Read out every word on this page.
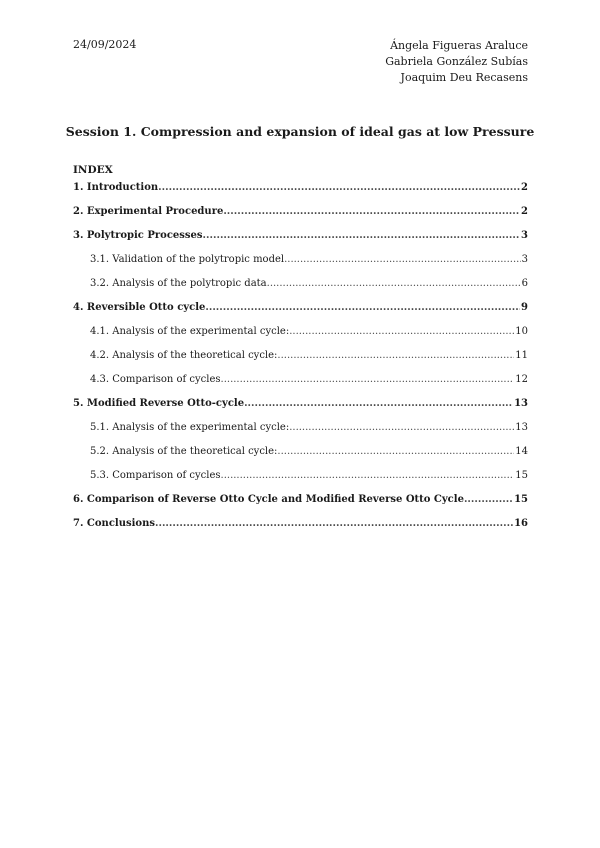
24/09/2024	Ángela Figueras Araluce
Gabriela González Subías
Joaquim Deu Recasens
Session 1. Compression and expansion of ideal gas at low Pressure
INDEX
1. Introduction .....	2
2. Experimental Procedure .....	2
3. Polytropic Processes .....	3
3.1. Validation of the polytropic model .....	3
3.2. Analysis of the polytropic data .....	6
4. Reversible Otto cycle .....	9
4.1. Analysis of the experimental cycle: .....	10
4.2. Analysis of the theoretical cycle: .....	11
4.3. Comparison of cycles .....	12
5. Modified Reverse Otto-cycle .....	13
5.1. Analysis of the experimental cycle: .....	13
5.2. Analysis of the theoretical cycle: .....	14
5.3. Comparison of cycles .....	15
6. Comparison of Reverse Otto Cycle and Modified Reverse Otto Cycle .....	15
7. Conclusions .....	16
